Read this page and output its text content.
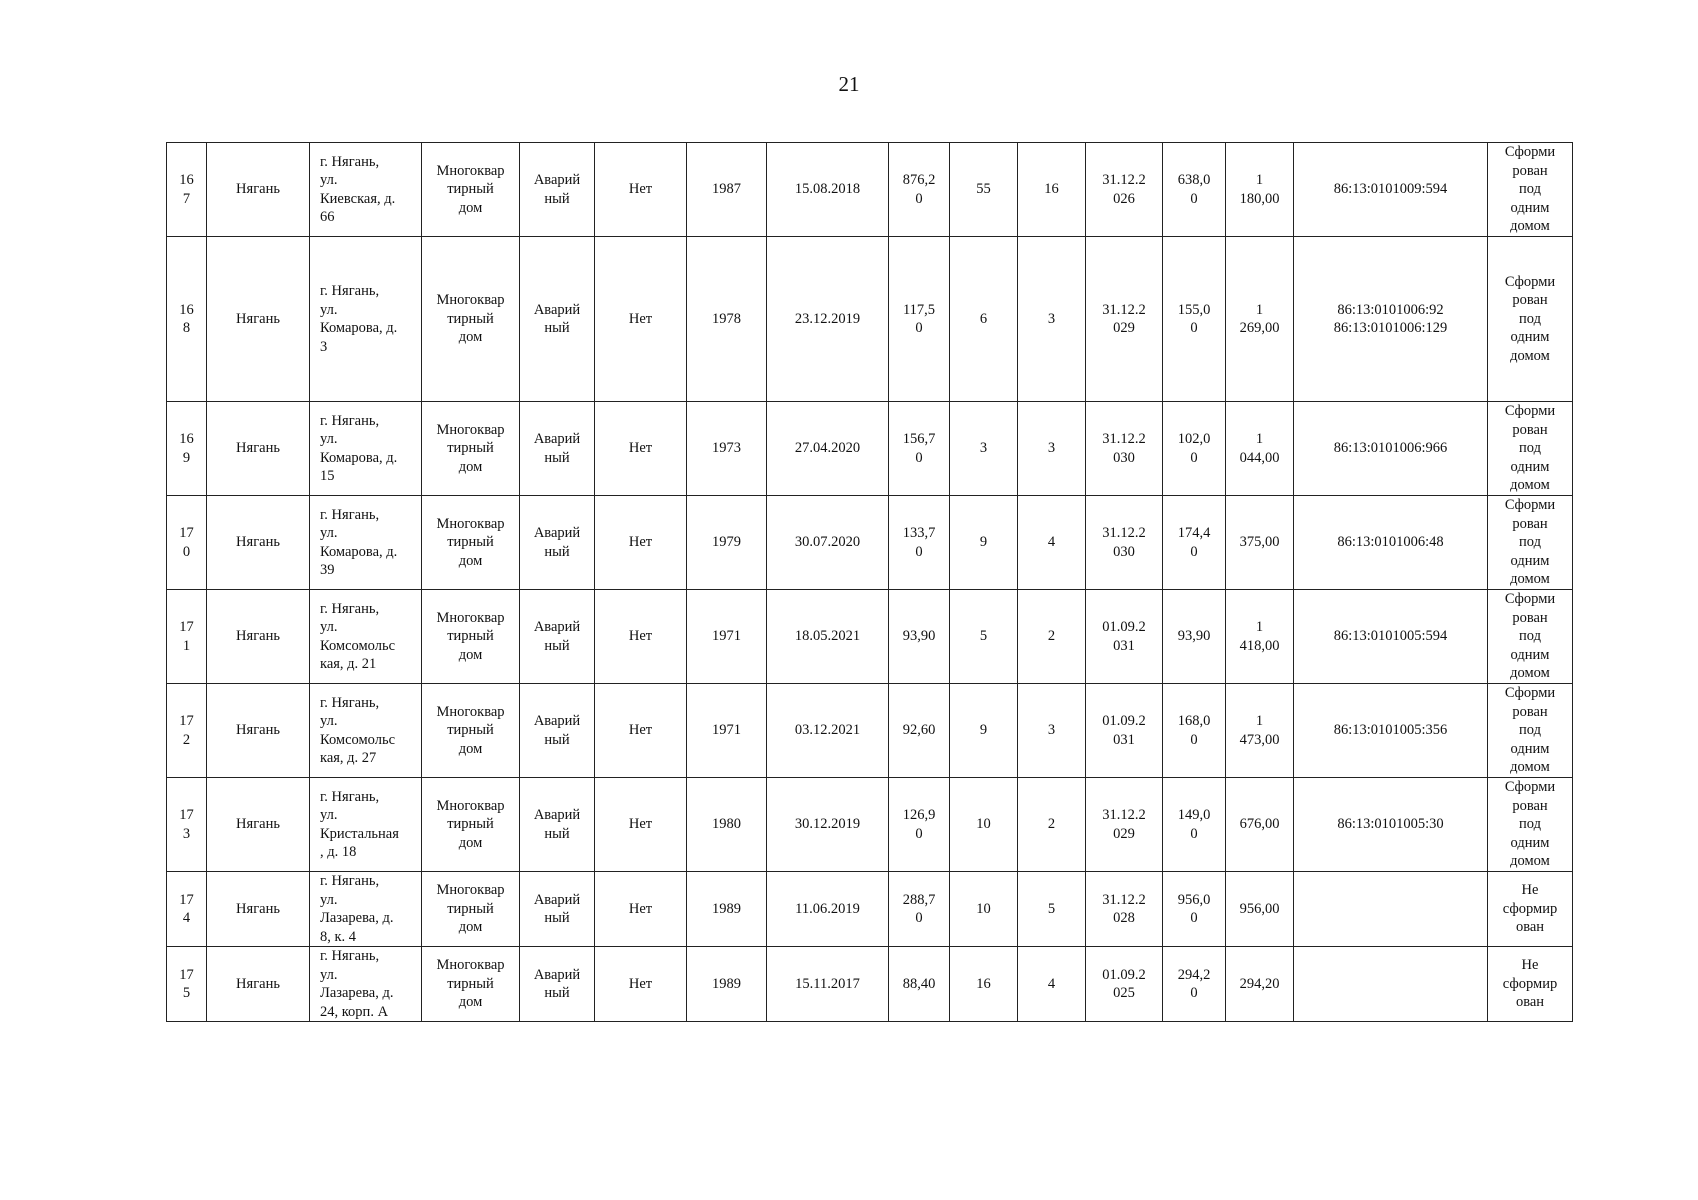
21
16
7	Нягань	г. Нягань,
ул.
Киевская, д.
66	Многоквар
тирный
дом	Аварий
ный	Нет	1987	15.08.2018	876,2
0	55	16	31.12.2
026	638,0
0	1
180,00	86:13:0101009:594	Сформи
рован
под
одним
домом

16
8	Нягань	г. Нягань,
ул.
Комарова, д.
3	Многоквар
тирный
дом	Аварий
ный	Нет	1978	23.12.2019	117,5
0	6	3	31.12.2
029	155,0
0	1
269,00	86:13:0101006:92
86:13:0101006:129	Сформи
рован
под
одним
домом

16
9	Нягань	г. Нягань,
ул.
Комарова, д.
15	Многоквар
тирный
дом	Аварий
ный	Нет	1973	27.04.2020	156,7
0	3	3	31.12.2
030	102,0
0	1
044,00	86:13:0101006:966	Сформи
рован
под
одним
домом

17
0	Нягань	г. Нягань,
ул.
Комарова, д.
39	Многоквар
тирный
дом	Аварий
ный	Нет	1979	30.07.2020	133,7
0	9	4	31.12.2
030	174,4
0	375,00	86:13:0101006:48	Сформи
рован
под
одним
домом

17
1	Нягань	г. Нягань,
ул.
Комсомольс
кая, д. 21	Многоквар
тирный
дом	Аварий
ный	Нет	1971	18.05.2021	93,90	5	2	01.09.2
031	93,90	1
418,00	86:13:0101005:594	Сформи
рован
под
одним
домом

17
2	Нягань	г. Нягань,
ул.
Комсомольс
кая, д. 27	Многоквар
тирный
дом	Аварий
ный	Нет	1971	03.12.2021	92,60	9	3	01.09.2
031	168,0
0	1
473,00	86:13:0101005:356	Сформи
рован
под
одним
домом

17
3	Нягань	г. Нягань,
ул.
Кристальная
, д. 18	Многоквар
тирный
дом	Аварий
ный	Нет	1980	30.12.2019	126,9
0	10	2	31.12.2
029	149,0
0	676,00	86:13:0101005:30	Сформи
рован
под
одним
домом

17
4	Нягань	г. Нягань,
ул.
Лазарева, д.
8, к. 4	Многоквар
тирный
дом	Аварий
ный	Нет	1989	11.06.2019	288,7
0	10	5	31.12.2
028	956,0
0	956,00		Не
сформир
ован

17
5	Нягань	г. Нягань,
ул.
Лазарева, д.
24, корп. А	Многоквар
тирный
дом	Аварий
ный	Нет	1989	15.11.2017	88,40	16	4	01.09.2
025	294,2
0	294,20		Не
сформир
ован
